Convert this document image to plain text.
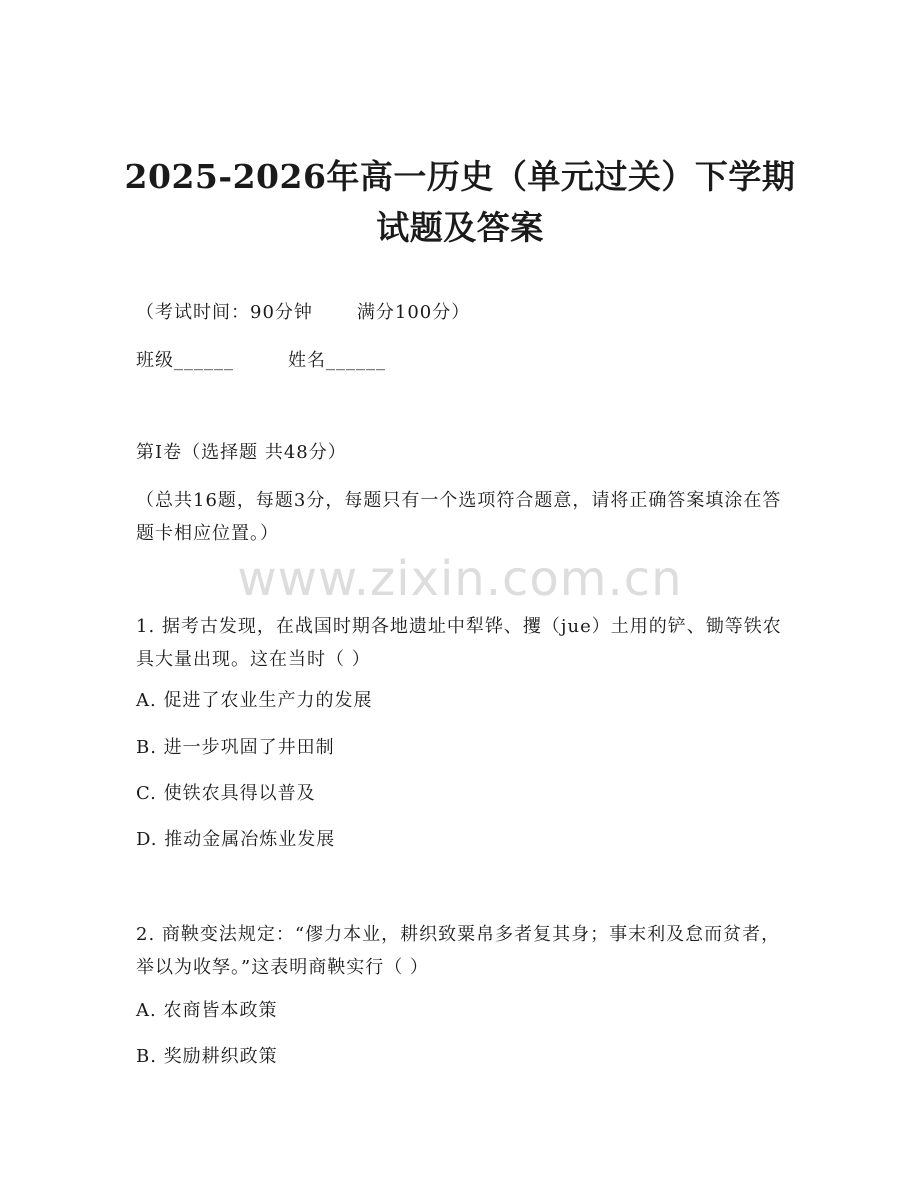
2025-2026年高一历史（单元过关）下学期
试题及答案
（考试时间：90分钟 满分100分）
班级______	姓名______
第Ⅰ卷（选择题 共48分）
（总共16题，每题3分，每题只有一个选项符合题意，请将正确答案填涂在答题卡相应位置。）
www.zixin.com.cn
1. 据考古发现，在战国时期各地遗址中犁铧、攫（jue）土用的铲、锄等铁农具大量出现。这在当时（ ）
A. 促进了农业生产力的发展
B. 进一步巩固了井田制
C. 使铁农具得以普及
D. 推动金属冶炼业发展
2. 商鞅变法规定：“僇力本业，耕织致粟帛多者复其身；事末利及怠而贫者，举以为收孥。”这表明商鞅实行（ ）
A. 农商皆本政策
B. 奖励耕织政策
